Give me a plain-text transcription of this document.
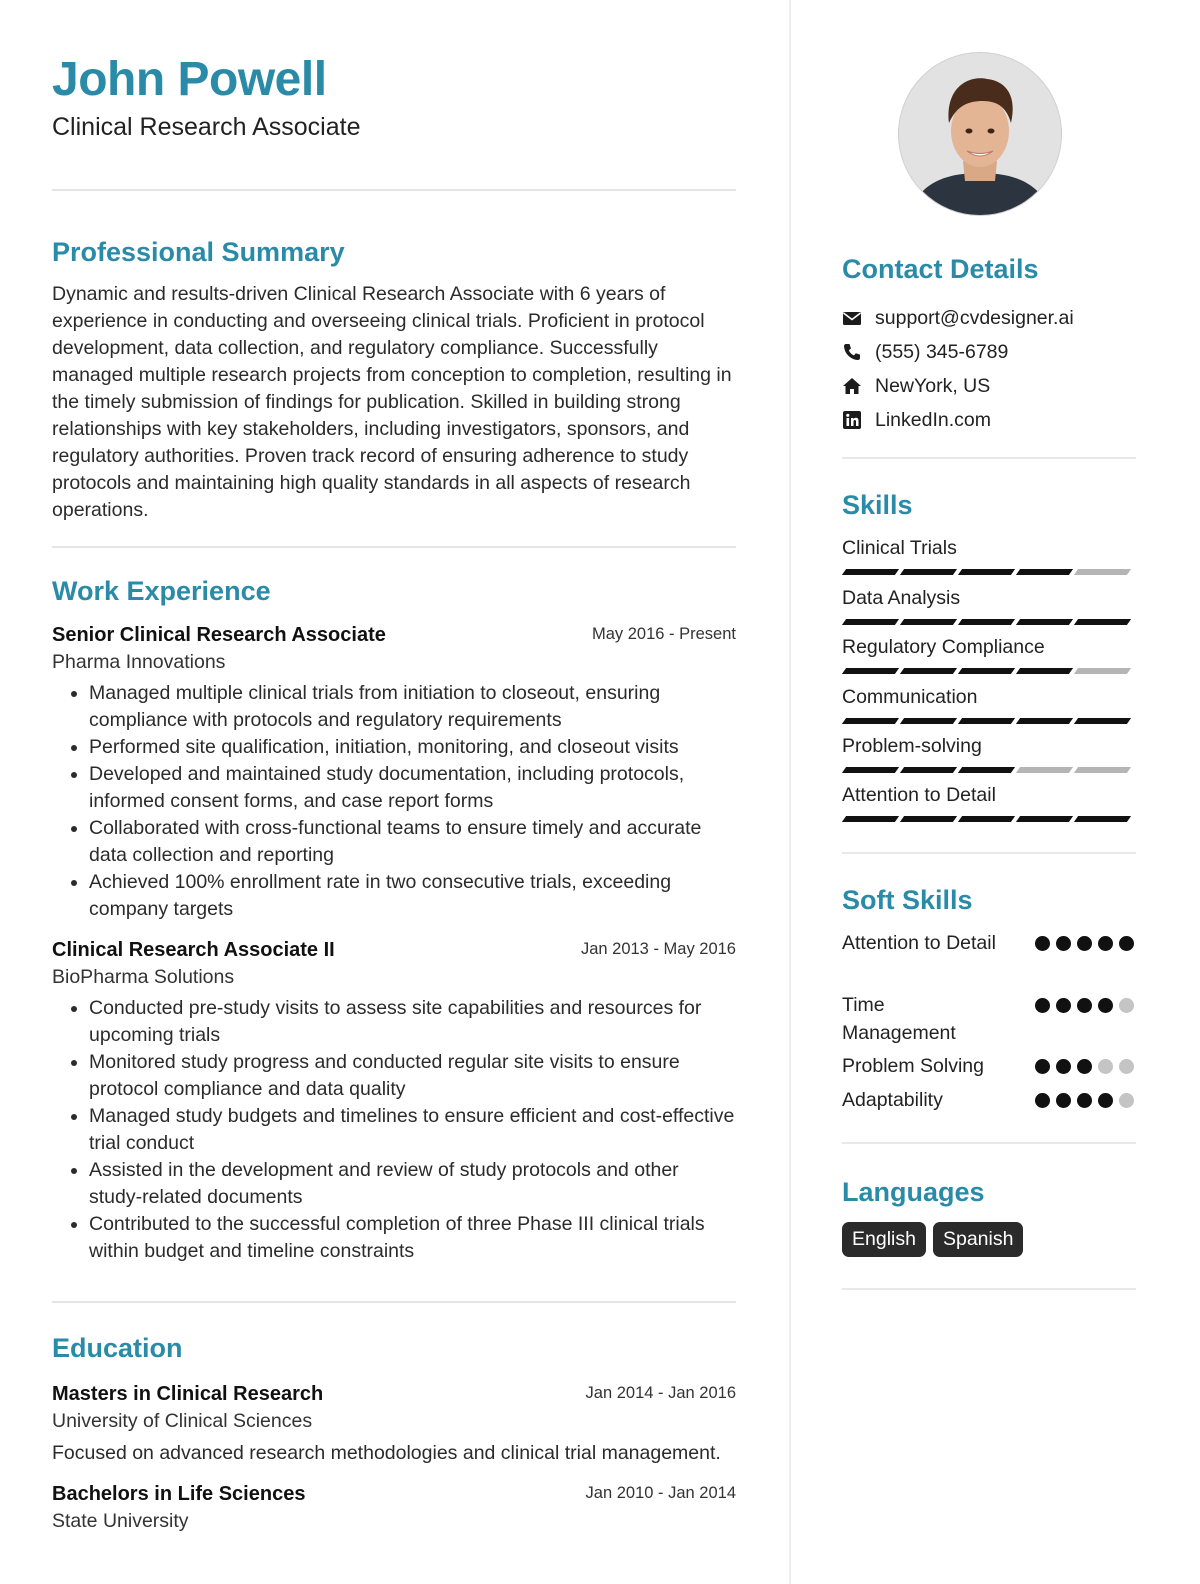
John Powell
Clinical Research Associate
Professional Summary
Dynamic and results-driven Clinical Research Associate with 6 years of experience in conducting and overseeing clinical trials. Proficient in protocol development, data collection, and regulatory compliance. Successfully managed multiple research projects from conception to completion, resulting in the timely submission of findings for publication. Skilled in building strong relationships with key stakeholders, including investigators, sponsors, and regulatory authorities. Proven track record of ensuring adherence to study protocols and maintaining high quality standards in all aspects of research operations.
Work Experience
Senior Clinical Research Associate	May 2016 - Present
Pharma Innovations
• Managed multiple clinical trials from initiation to closeout, ensuring compliance with protocols and regulatory requirements
• Performed site qualification, initiation, monitoring, and closeout visits
• Developed and maintained study documentation, including protocols, informed consent forms, and case report forms
• Collaborated with cross-functional teams to ensure timely and accurate data collection and reporting
• Achieved 100% enrollment rate in two consecutive trials, exceeding company targets
Clinical Research Associate II	Jan 2013 - May 2016
BioPharma Solutions
• Conducted pre-study visits to assess site capabilities and resources for upcoming trials
• Monitored study progress and conducted regular site visits to ensure protocol compliance and data quality
• Managed study budgets and timelines to ensure efficient and cost-effective trial conduct
• Assisted in the development and review of study protocols and other study-related documents
• Contributed to the successful completion of three Phase III clinical trials within budget and timeline constraints
Education
Masters in Clinical Research	Jan 2014 - Jan 2016
University of Clinical Sciences
Focused on advanced research methodologies and clinical trial management.
Bachelors in Life Sciences	Jan 2010 - Jan 2014
State University
Contact Details
support@cvdesigner.ai
(555) 345-6789
NewYork, US
LinkedIn.com
Skills
Clinical Trials
Data Analysis
Regulatory Compliance
Communication
Problem-solving
Attention to Detail
Soft Skills
Attention to Detail
Time Management
Problem Solving
Adaptability
Languages
English	Spanish
